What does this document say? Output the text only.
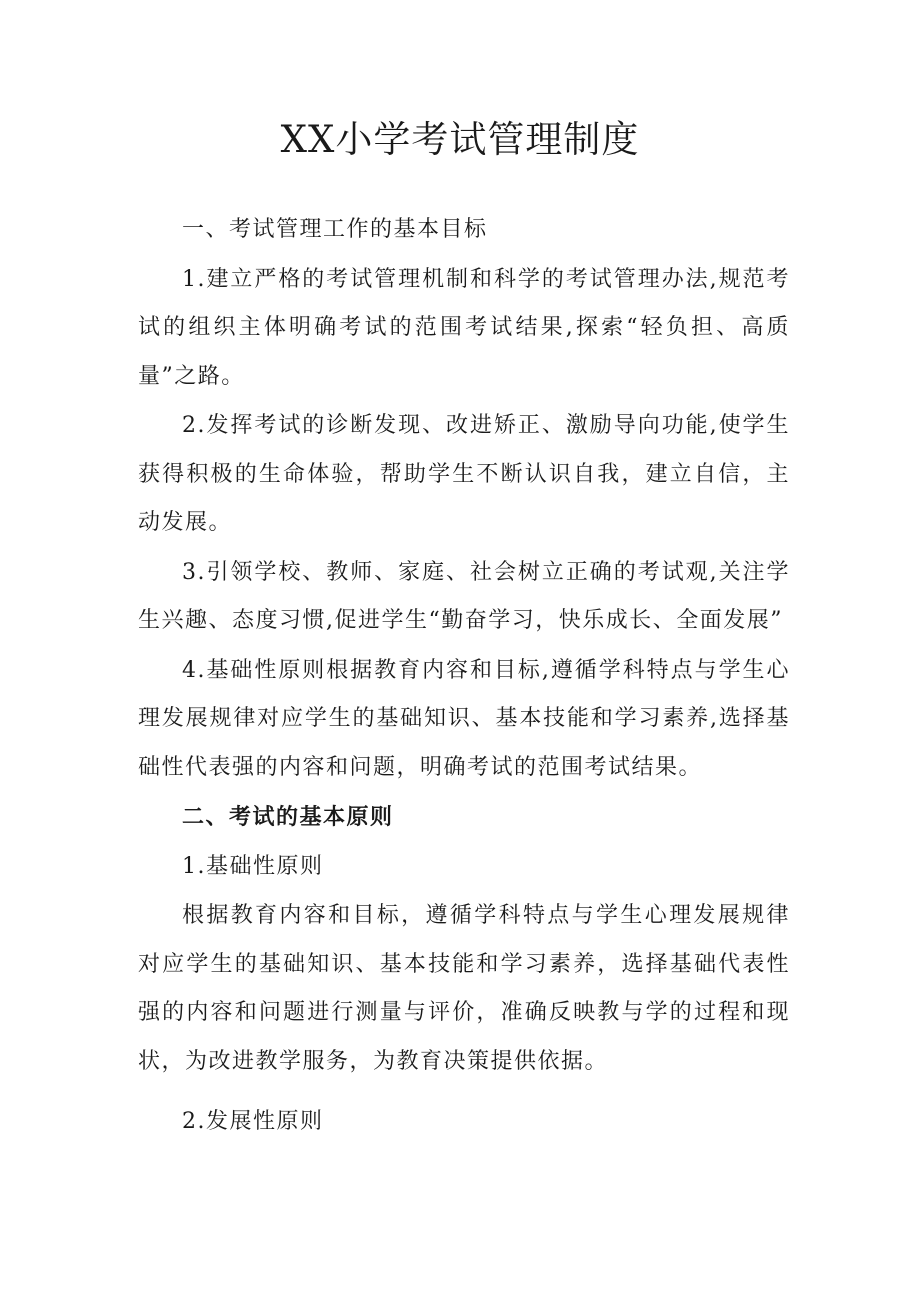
XX小学考试管理制度

一、考试管理工作的基本目标

1.建立严格的考试管理机制和科学的考试管理办法,规范考试的组织主体明确考试的范围考试结果,探索“轻负担、高质量”之路。

2.发挥考试的诊断发现、改进矫正、激励导向功能,使学生获得积极的生命体验，帮助学生不断认识自我，建立自信，主动发展。

3.引领学校、教师、家庭、社会树立正确的考试观,关注学生兴趣、态度习惯,促进学生“勤奋学习，快乐成长、全面发展”

4.基础性原则根据教育内容和目标,遵循学科特点与学生心理发展规律对应学生的基础知识、基本技能和学习素养,选择基础性代表强的内容和问题，明确考试的范围考试结果。

二、考试的基本原则

1.基础性原则

根据教育内容和目标，遵循学科特点与学生心理发展规律对应学生的基础知识、基本技能和学习素养，选择基础代表性强的内容和问题进行测量与评价，准确反映教与学的过程和现状，为改进教学服务，为教育决策提供依据。

2.发展性原则
